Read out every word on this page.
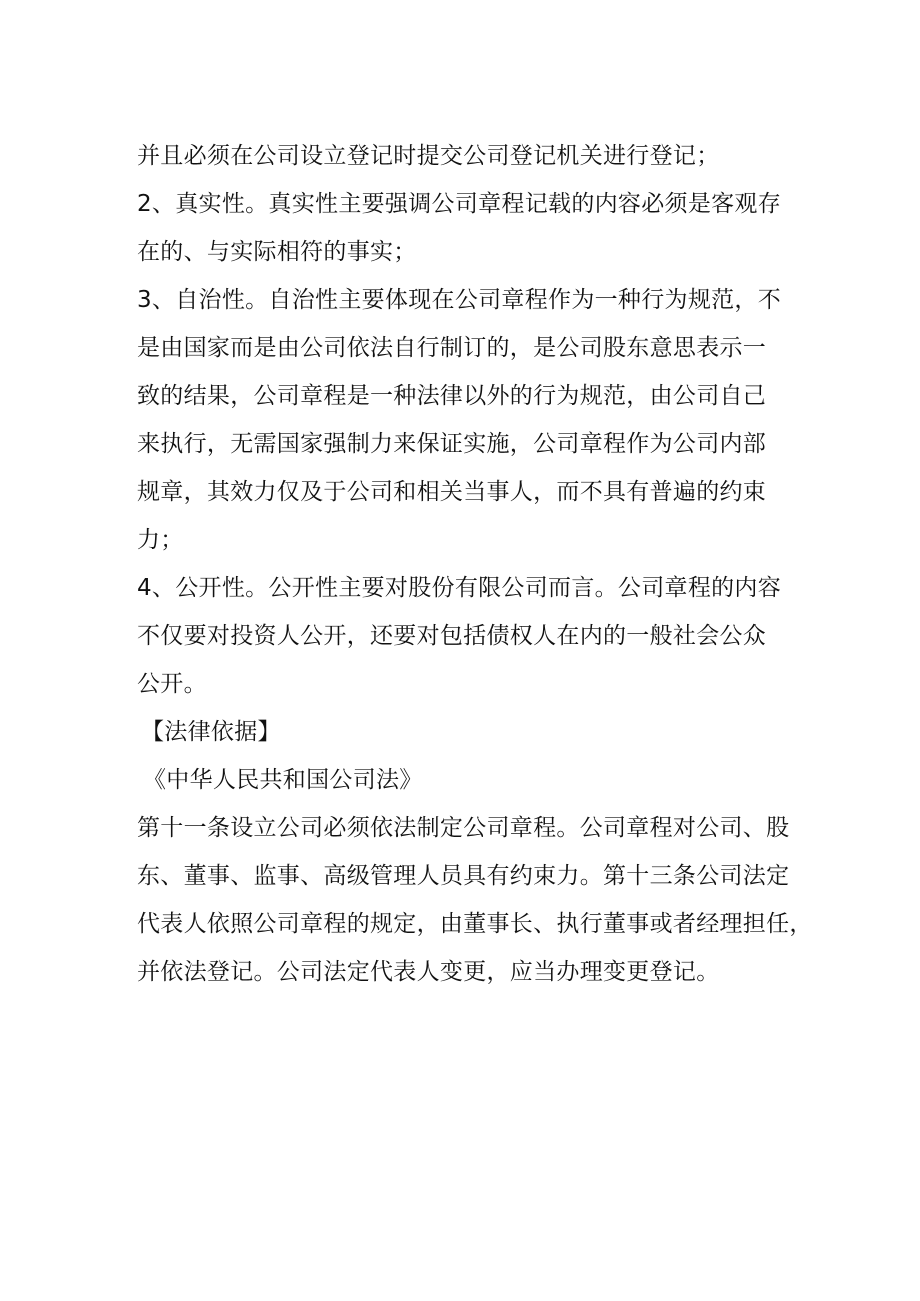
并且必须在公司设立登记时提交公司登记机关进行登记；
2、真实性。真实性主要强调公司章程记载的内容必须是客观存
在的、与实际相符的事实；
3、自治性。自治性主要体现在公司章程作为一种行为规范，不
是由国家而是由公司依法自行制订的，是公司股东意思表示一
致的结果，公司章程是一种法律以外的行为规范，由公司自己
来执行，无需国家强制力来保证实施，公司章程作为公司内部
规章，其效力仅及于公司和相关当事人，而不具有普遍的约束
力；
4、公开性。公开性主要对股份有限公司而言。公司章程的内容
不仅要对投资人公开，还要对包括债权人在内的一般社会公众
公开。
【法律依据】
《中华人民共和国公司法》
第十一条设立公司必须依法制定公司章程。公司章程对公司、股
东、董事、监事、高级管理人员具有约束力。第十三条公司法定
代表人依照公司章程的规定，由董事长、执行董事或者经理担任，
并依法登记。公司法定代表人变更，应当办理变更登记。
